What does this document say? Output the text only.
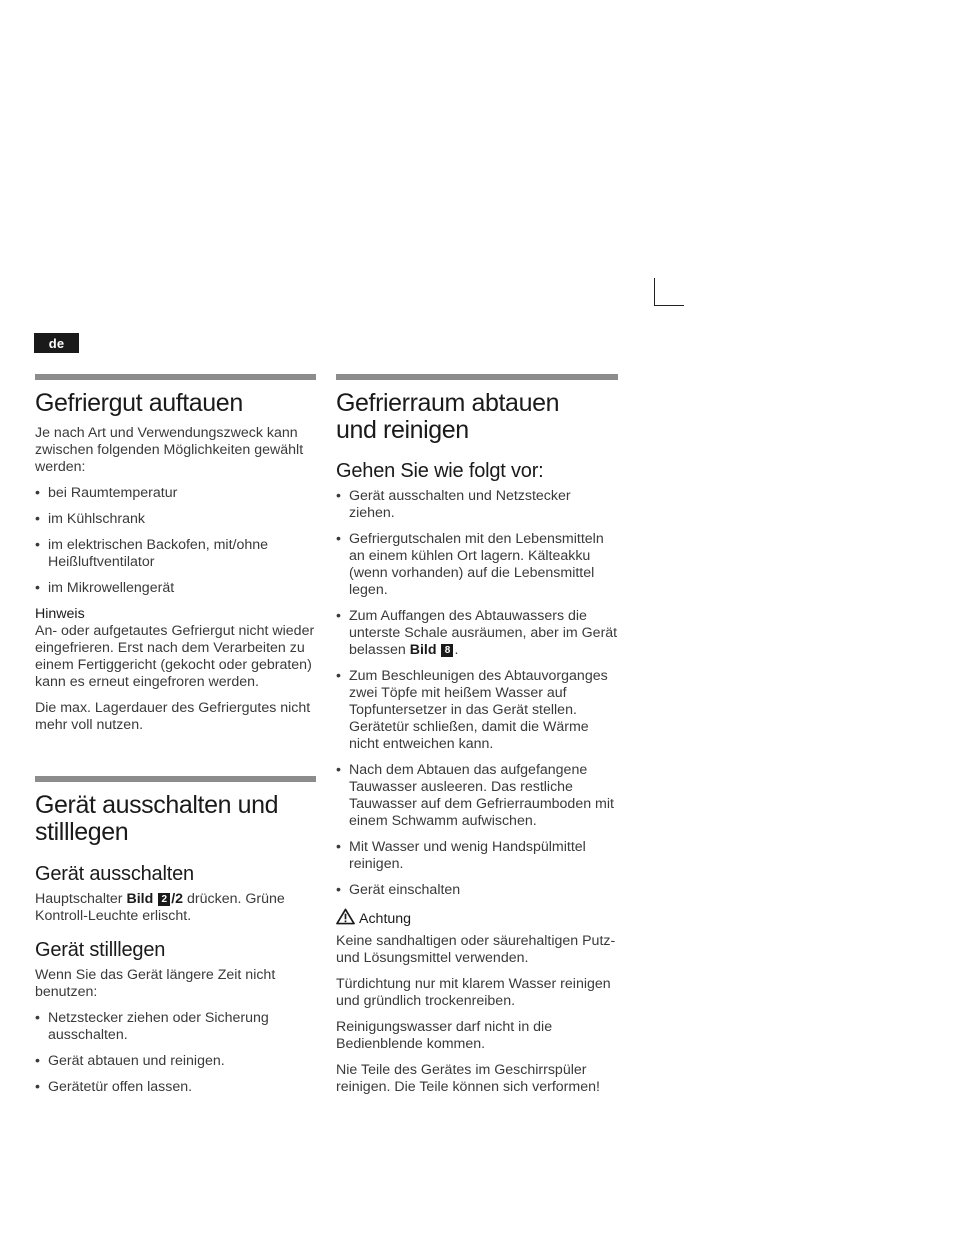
de
Gefriergut auftauen

Je nach Art und Verwendungszweck kann zwischen folgenden Möglichkeiten gewählt werden:

• bei Raumtemperatur
• im Kühlschrank
• im elektrischen Backofen, mit/ohne Heißluftventilator
• im Mikrowellengerät
Hinweis

An- oder aufgetautes Gefriergut nicht wieder eingefrieren. Erst nach dem Verarbeiten zu einem Fertiggericht (gekocht oder gebraten) kann es erneut eingefroren werden.

Die max. Lagerdauer des Gefriergutes nicht mehr voll nutzen.

Gerät ausschalten und
stilllegen
Gerät ausschalten

Hauptschalter Bild 2 /2 drücken. Grüne Kontroll-Leuchte erlischt.

Gerät stilllegen

Wenn Sie das Gerät längere Zeit nicht benutzen:

• Netzstecker ziehen oder Sicherung ausschalten.
• Gerät abtauen und reinigen.
• Gerätetür offen lassen.
Gefrierraum abtauen
und reinigen
Gehen Sie wie folgt vor:
• Gerät ausschalten und Netzstecker ziehen.
• Gefriergutschalen mit den Lebensmitteln an einem kühlen Ort lagern. Kälteakku (wenn vorhanden) auf die Lebensmittel legen.
• Zum Auffangen des Abtauwassers die unterste Schale ausräumen, aber im Gerät belassen Bild 8 .
• Zum Beschleunigen des Abtauvorganges zwei Töpfe mit heißem Wasser auf Topfuntersetzer in das Gerät stellen. Gerätetür schließen, damit die Wärme nicht entweichen kann.
• Nach dem Abtauen das aufgefangene Tauwasser ausleeren. Das restliche Tauwasser auf dem Gefrierraumboden mit einem Schwamm aufwischen.
• Mit Wasser und wenig Handspülmittel reinigen.
• Gerät einschalten
Achtung

Keine sandhaltigen oder säurehaltigen Putz- und Lösungsmittel verwenden.

Türdichtung nur mit klarem Wasser reinigen und gründlich trockenreiben.

Reinigungswasser darf nicht in die Bedienblende kommen.

Nie Teile des Gerätes im Geschirrspüler reinigen. Die Teile können sich verformen!
